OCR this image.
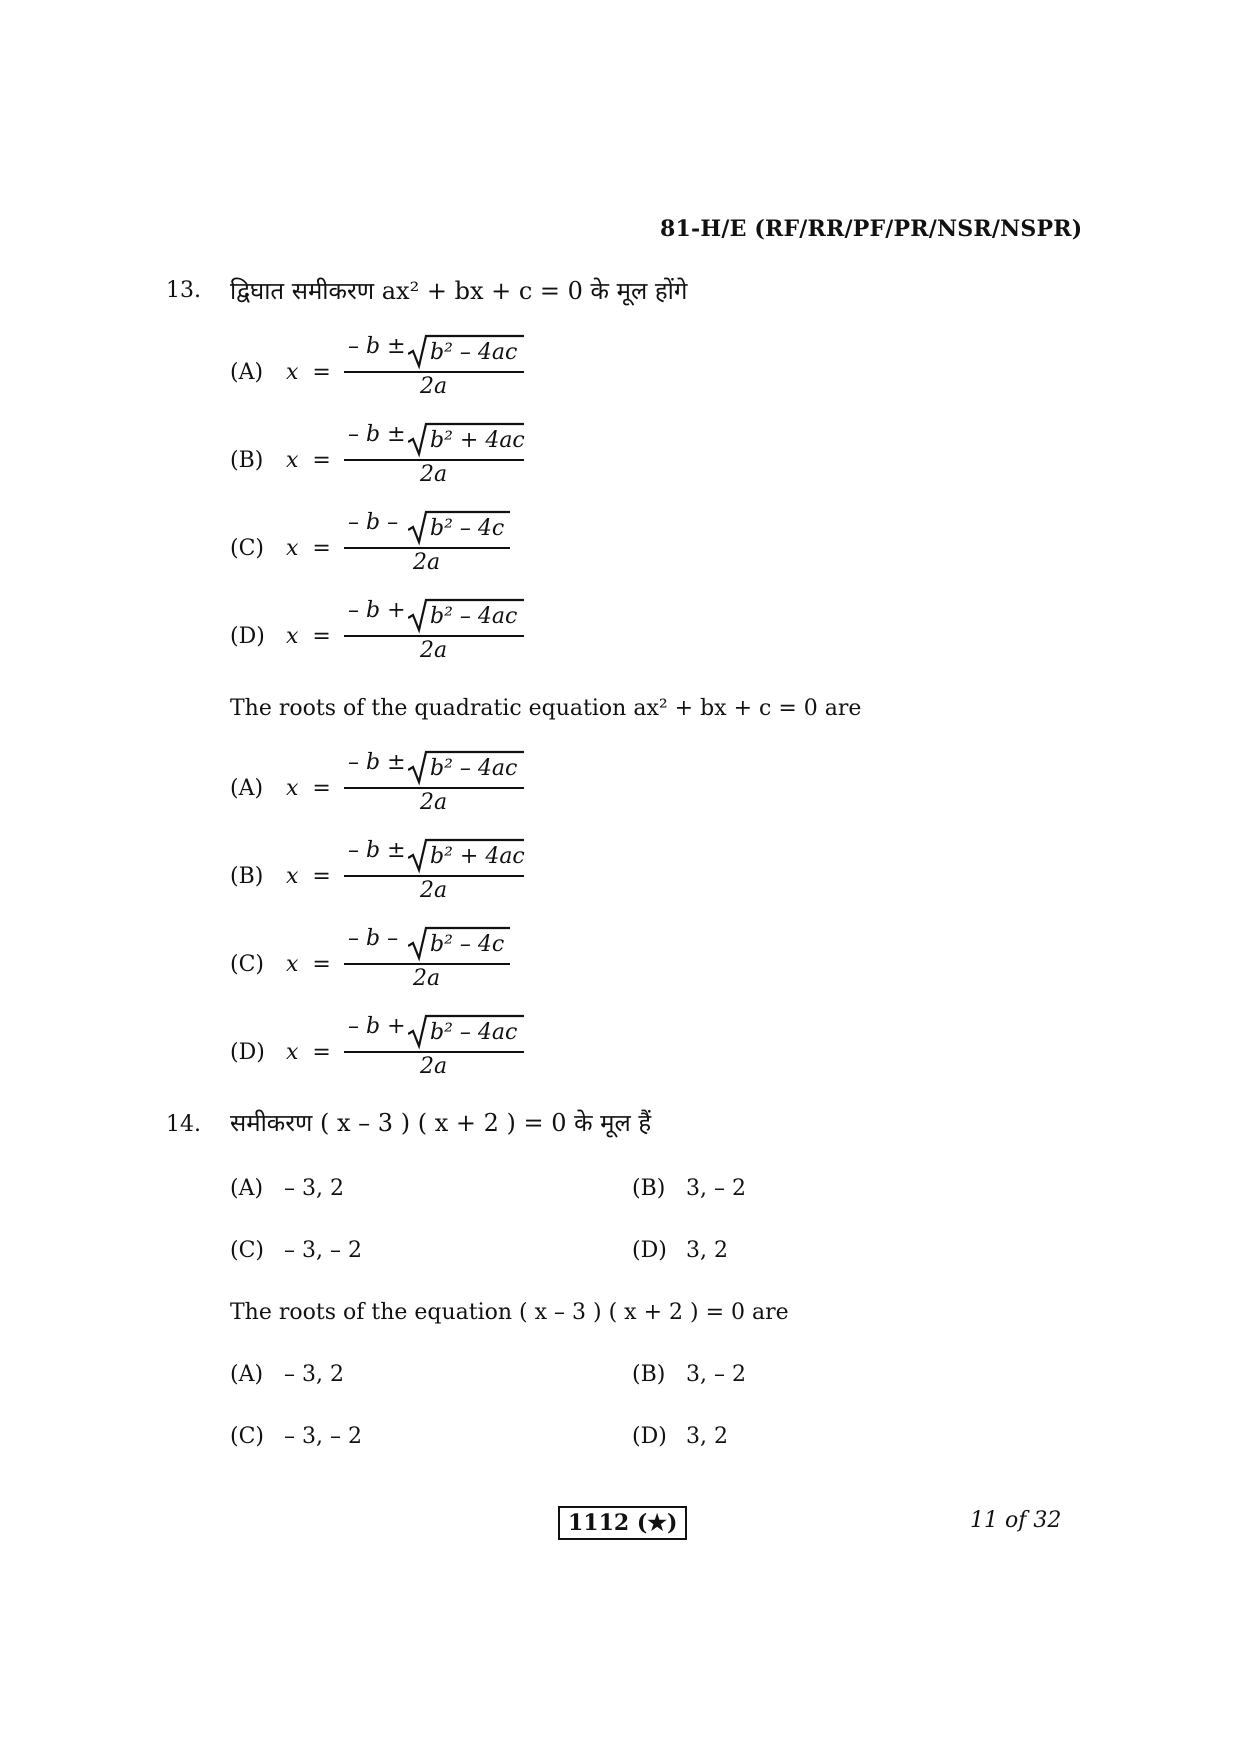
81-H/E (RF/RR/PF/PR/NSR/NSPR)
13. द्विघात समीकरण ax² + bx + c = 0 के मूल होंगे
(A) x  =
– b ± b² – 4ac
2a
(B) x  =
– b ± b² + 4ac
2a
(C) x  =
– b – b² – 4c
2a
(D) x  =
– b + b² – 4ac
2a
The roots of the quadratic equation ax² + bx + c = 0 are
(A) x  =
– b ± b² – 4ac
2a
(B) x  =
– b ± b² + 4ac
2a
(C) x  =
– b – b² – 4c
2a
(D) x  =
– b + b² – 4ac
2a
14. समीकरण ( x – 3 ) ( x + 2 ) = 0 के मूल हैं
(A) – 3, 2	(B) 3, – 2
(C) – 3, – 2	(D) 3, 2
The roots of the equation ( x – 3 ) ( x + 2 ) = 0 are
(A) – 3, 2	(B) 3, – 2
(C) – 3, – 2	(D) 3, 2
1112 (★)	11 of 32
